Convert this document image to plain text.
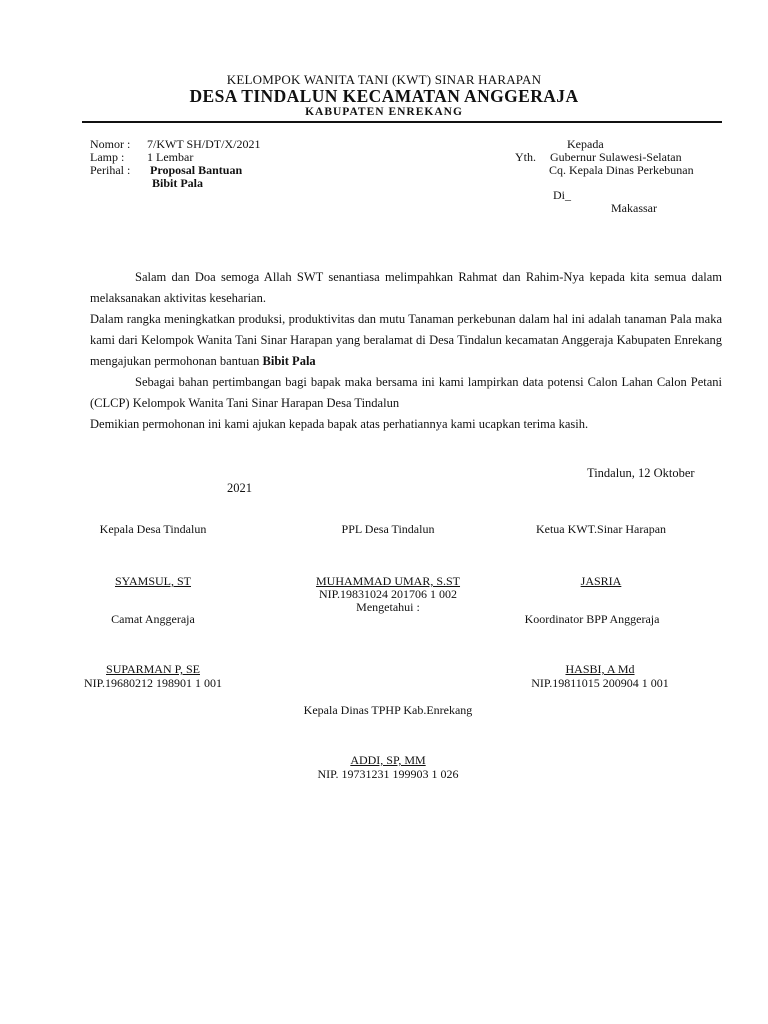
KELOMPOK WANITA TANI (KWT) SINAR HARAPAN
DESA TINDALUN KECAMATAN ANGGERAJA
KABUPATEN ENREKANG
Nomor : 7/KWT SH/DT/X/2021
Lamp : 1 Lembar
Perihal : Proposal Bantuan
Bibit Pala
Kepada
Yth. Gubernur Sulawesi-Selatan
Cq. Kepala Dinas Perkebunan
Di_
Makassar

Salam dan Doa semoga Allah SWT senantiasa melimpahkan Rahmat dan Rahim-Nya kepada kita semua dalam melaksanakan aktivitas keseharian.

Dalam rangka meningkatkan produksi, produktivitas dan mutu Tanaman perkebunan dalam hal ini adalah tanaman Pala maka kami dari Kelompok Wanita Tani Sinar Harapan yang beralamat di Desa Tindalun kecamatan Anggeraja Kabupaten Enrekang mengajukan permohonan bantuan Bibit Pala

Sebagai bahan pertimbangan bagi bapak maka bersama ini kami lampirkan data potensi Calon Lahan Calon Petani (CLCP) Kelompok Wanita Tani Sinar Harapan Desa Tindalun

Demikian permohonan ini kami ajukan kepada bapak atas perhatiannya kami ucapkan terima kasih.

Tindalun, 12 Oktober
2021
Kepala Desa Tindalun
SYAMSUL, ST
PPL Desa Tindalun
MUHAMMAD UMAR, S.ST
NIP.19831024 201706 1 002
Mengetahui :
Ketua KWT.Sinar Harapan
JASRIA
Camat Anggeraja
SUPARMAN P, SE
NIP.19680212 198901 1 001
Koordinator BPP Anggeraja
HASBI, A Md
NIP.19811015 200904 1 001
Kepala Dinas TPHP Kab.Enrekang
ADDI, SP, MM
NIP. 19731231 199903 1 026
